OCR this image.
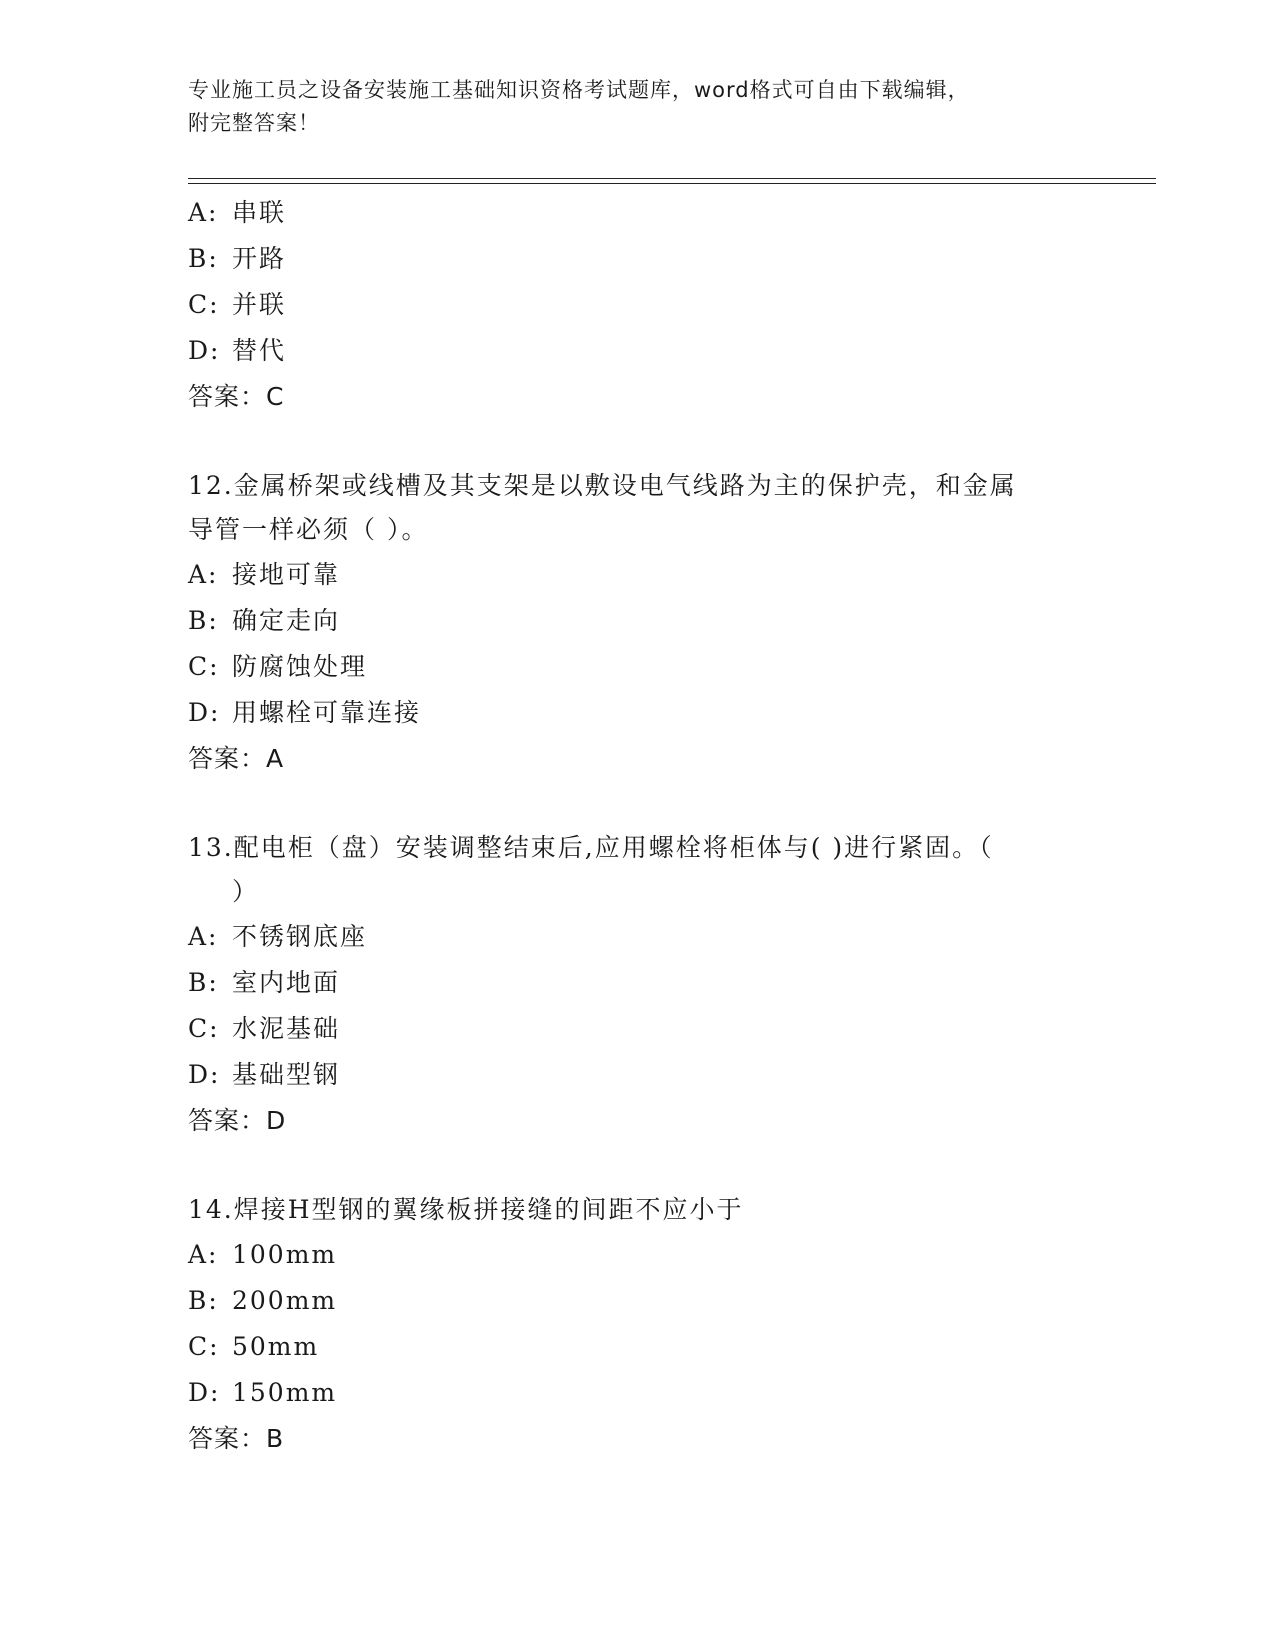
专业施工员之设备安装施工基础知识资格考试题库，word格式可自由下载编辑，
附完整答案！
A: 串联
B: 开路
C: 并联
D: 替代
答案：C
12.金属桥架或线槽及其支架是以敷设电气线路为主的保护壳，和金属
导管一样必须（ ）。
A: 接地可靠
B: 确定走向
C: 防腐蚀处理
D: 用螺栓可靠连接
答案：A
13.配电柜（盘）安装调整结束后,应用螺栓将柜体与( )进行紧固。（
）
A: 不锈钢底座
B: 室内地面
C: 水泥基础
D: 基础型钢
答案：D
14.焊接H型钢的翼缘板拼接缝的间距不应小于
A: 100mm
B: 200mm
C: 50mm
D: 150mm
答案：B
